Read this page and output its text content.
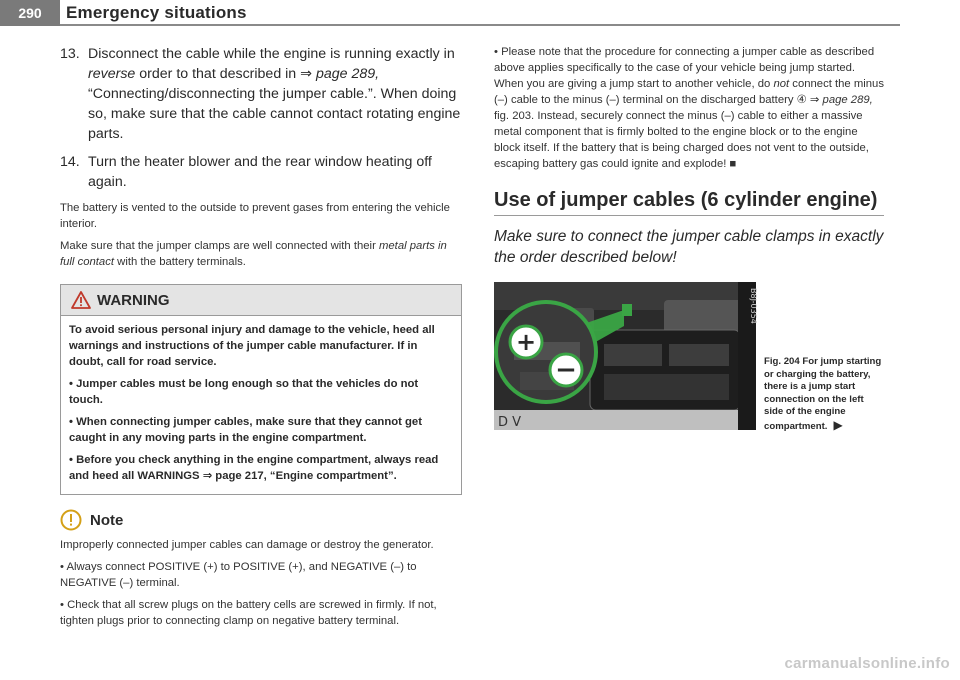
290	Emergency situations
13. Disconnect the cable while the engine is running exactly in reverse order to that described in ⇒ page 289, “Connecting/disconnecting the jumper cable.”. When doing so, make sure that the cable cannot contact rotating engine parts.
14. Turn the heater blower and the rear window heating off again.

The battery is vented to the outside to prevent gases from entering the vehicle interior.

Make sure that the jumper clamps are well connected with their metal parts in full contact with the battery terminals.

WARNING

To avoid serious personal injury and damage to the vehicle, heed all warnings and instructions of the jumper cable manufacturer. If in doubt, call for road service.

• Jumper cables must be long enough so that the vehicles do not touch.

• When connecting jumper cables, make sure that they cannot get caught in any moving parts in the engine compartment.

• Before you check anything in the engine compartment, always read and heed all WARNINGS ⇒ page 217, “Engine compartment”.

Note

Improperly connected jumper cables can damage or destroy the generator.

• Always connect POSITIVE (+) to POSITIVE (+), and NEGATIVE (–) to NEGATIVE (–) terminal.

• Check that all screw plugs on the battery cells are screwed in firmly. If not, tighten plugs prior to connecting clamp on negative battery terminal.

• Please note that the procedure for connecting a jumper cable as described above applies specifically to the case of your vehicle being jump started. When you are giving a jump start to another vehicle, do not connect the minus (–) cable to the minus (–) terminal on the discharged battery ④ ⇒ page 289, fig. 203. Instead, securely connect the minus (–) cable to either a massive metal component that is firmly bolted to the engine block or to the engine block itself. If the battery that is being charged does not vent to the outside, escaping battery gas could ignite and explode! ■

Use of jumper cables (6 cylinder engine)

Make sure to connect the jumper cable clamps in exactly the order described below!

D V
+
−
B8J-0354
Fig. 204 For jump starting or charging the battery, there is a jump start connection on the left side of the engine compartment. ▶
carmanualsonline.info
